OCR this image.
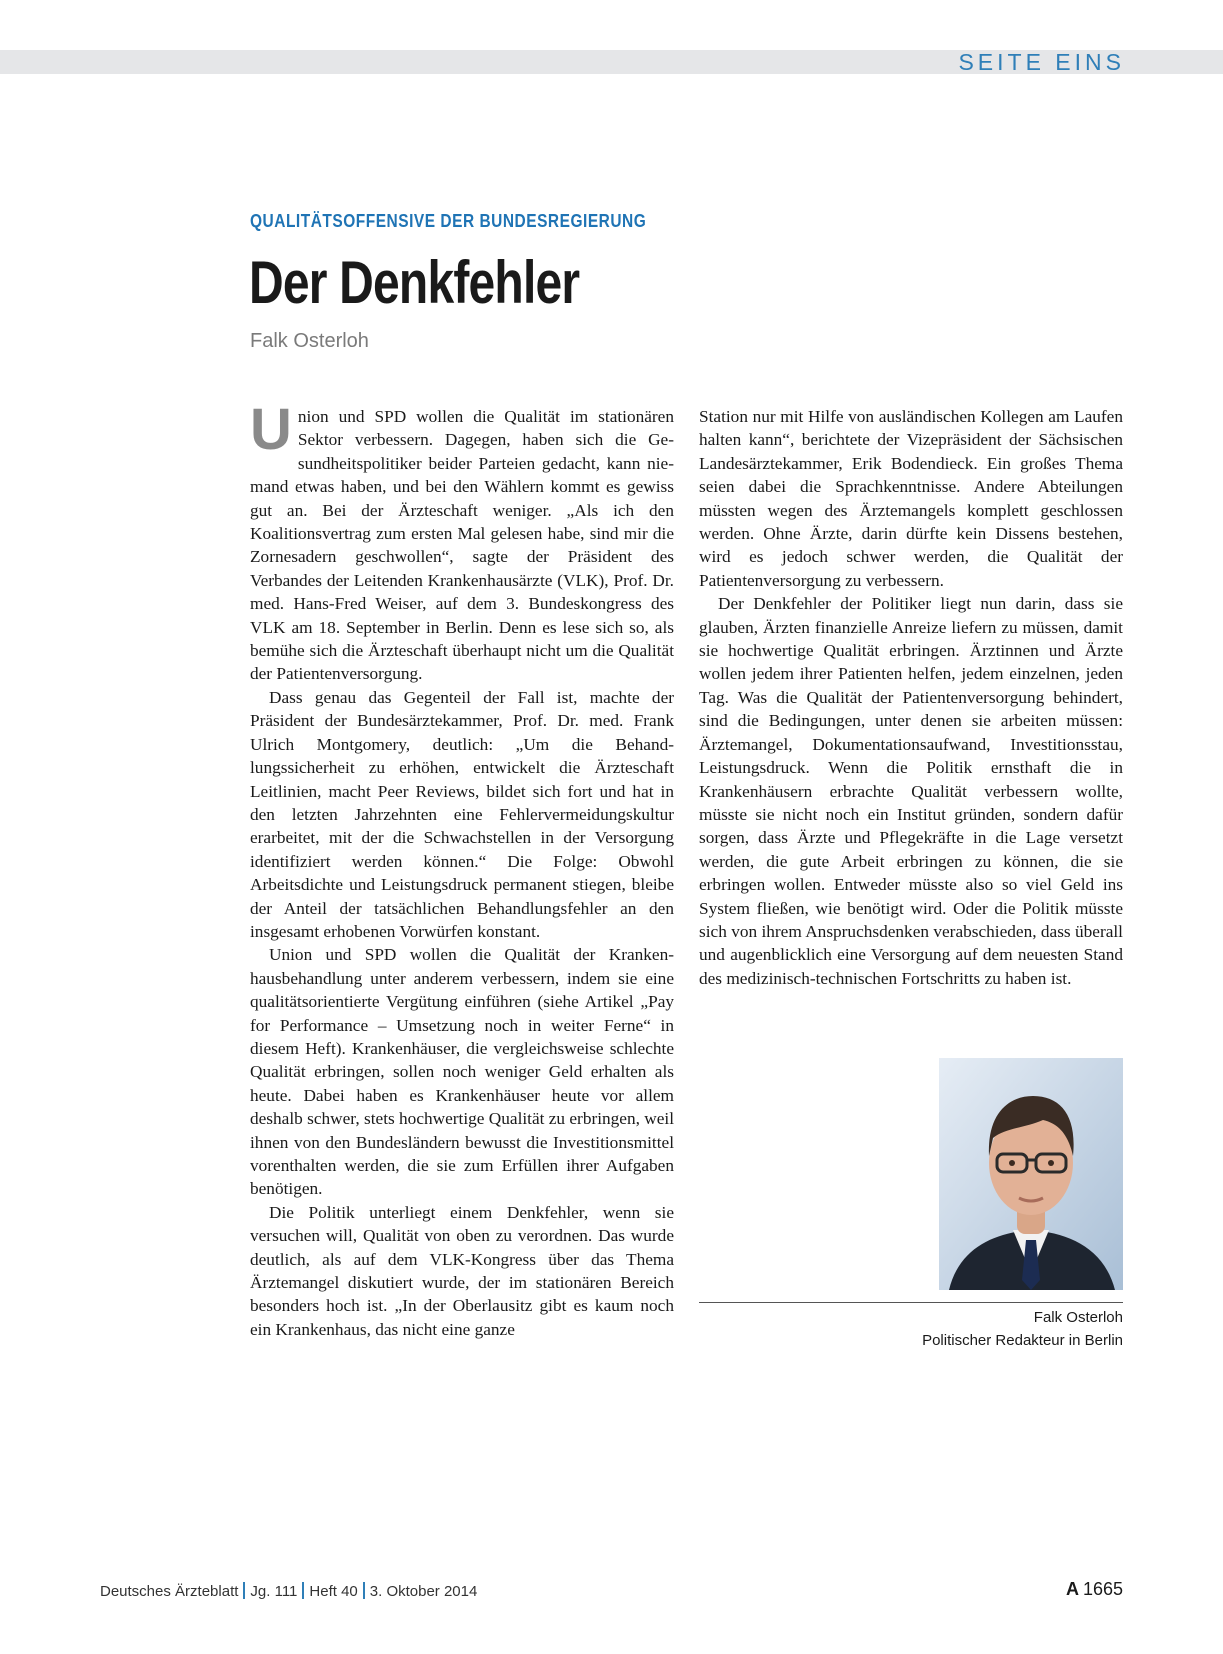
SEITE EINS
QUALITÄTSOFFENSIVE DER BUNDESREGIERUNG
Der Denkfehler
Falk Osterloh

Union und SPD wollen die Qualität im stationären Sektor verbessern. Dagegen, haben sich die Gesundheitspolitiker beider Parteien gedacht, kann niemand etwas haben, und bei den Wählern kommt es gewiss gut an. Bei der Ärzteschaft weniger. „Als ich den Koalitionsvertrag zum ersten Mal gelesen habe, sind mir die Zornesadern geschwollen“, sagte der Präsident des Verbandes der Leitenden Krankenhausärzte (VLK), Prof. Dr. med. Hans-Fred Weiser, auf dem 3. Bundeskongress des VLK am 18. September in Berlin. Denn es lese sich so, als bemühe sich die Ärzteschaft überhaupt nicht um die Qualität der Patientenversorgung.

Dass genau das Gegenteil der Fall ist, machte der Präsident der Bundesärztekammer, Prof. Dr. med. Frank Ulrich Montgomery, deutlich: „Um die Behandlungssicherheit zu erhöhen, entwickelt die Ärzteschaft Leitlinien, macht Peer Reviews, bildet sich fort und hat in den letzten Jahrzehnten eine Fehlervermeidungskultur erarbeitet, mit der die Schwachstellen in der Versorgung identifiziert werden können.“ Die Folge: Obwohl Arbeitsdichte und Leistungsdruck permanent stiegen, bleibe der Anteil der tatsächlichen Behandlungsfehler an den insgesamt erhobenen Vorwürfen konstant.

Union und SPD wollen die Qualität der Krankenhausbehandlung unter anderem verbessern, indem sie eine qualitätsorientierte Vergütung einführen (siehe Artikel „Pay for Performance – Umsetzung noch in weiter Ferne“ in diesem Heft). Krankenhäuser, die vergleichsweise schlechte Qualität erbringen, sollen noch weniger Geld erhalten als heute. Dabei haben es Krankenhäuser heute vor allem deshalb schwer, stets hochwertige Qualität zu erbringen, weil ihnen von den Bundesländern bewusst die Investitionsmittel vorenthalten werden, die sie zum Erfüllen ihrer Aufgaben benötigen.

Die Politik unterliegt einem Denkfehler, wenn sie versuchen will, Qualität von oben zu verordnen. Das wurde deutlich, als auf dem VLK-Kongress über das Thema Ärztemangel diskutiert wurde, der im stationären Bereich besonders hoch ist. „In der Oberlausitz gibt es kaum noch ein Krankenhaus, das nicht eine ganze

Station nur mit Hilfe von ausländischen Kollegen am Laufen halten kann“, berichtete der Vizepräsident der Sächsischen Landesärztekammer, Erik Bodendieck. Ein großes Thema seien dabei die Sprachkenntnisse. Andere Abteilungen müssten wegen des Ärztemangels komplett geschlossen werden. Ohne Ärzte, darin dürfte kein Dissens bestehen, wird es jedoch schwer werden, die Qualität der Patientenversorgung zu verbessern.

Der Denkfehler der Politiker liegt nun darin, dass sie glauben, Ärzten finanzielle Anreize liefern zu müssen, damit sie hochwertige Qualität erbringen. Ärztinnen und Ärzte wollen jedem ihrer Patienten helfen, jedem einzelnen, jeden Tag. Was die Qualität der Patientenversorgung behindert, sind die Bedingungen, unter denen sie arbeiten müssen: Ärztemangel, Dokumentationsaufwand, Investitionsstau, Leistungsdruck. Wenn die Politik ernsthaft die in Krankenhäusern erbrachte Qualität verbessern wollte, müsste sie nicht noch ein Institut gründen, sondern dafür sorgen, dass Ärzte und Pflegekräfte in die Lage versetzt werden, die gute Arbeit erbringen zu können, die sie erbringen wollen. Entweder müsste also so viel Geld ins System fließen, wie benötigt wird. Oder die Politik müsste sich von ihrem Anspruchsdenken verabschieden, dass überall und augenblicklich eine Versorgung auf dem neuesten Stand des medizinisch-technischen Fortschritts zu haben ist.

Falk Osterloh
Politischer Redakteur in Berlin
Deutsches Ärzteblatt Jg. 111 Heft 40 3. Oktober 2014	A 1665
